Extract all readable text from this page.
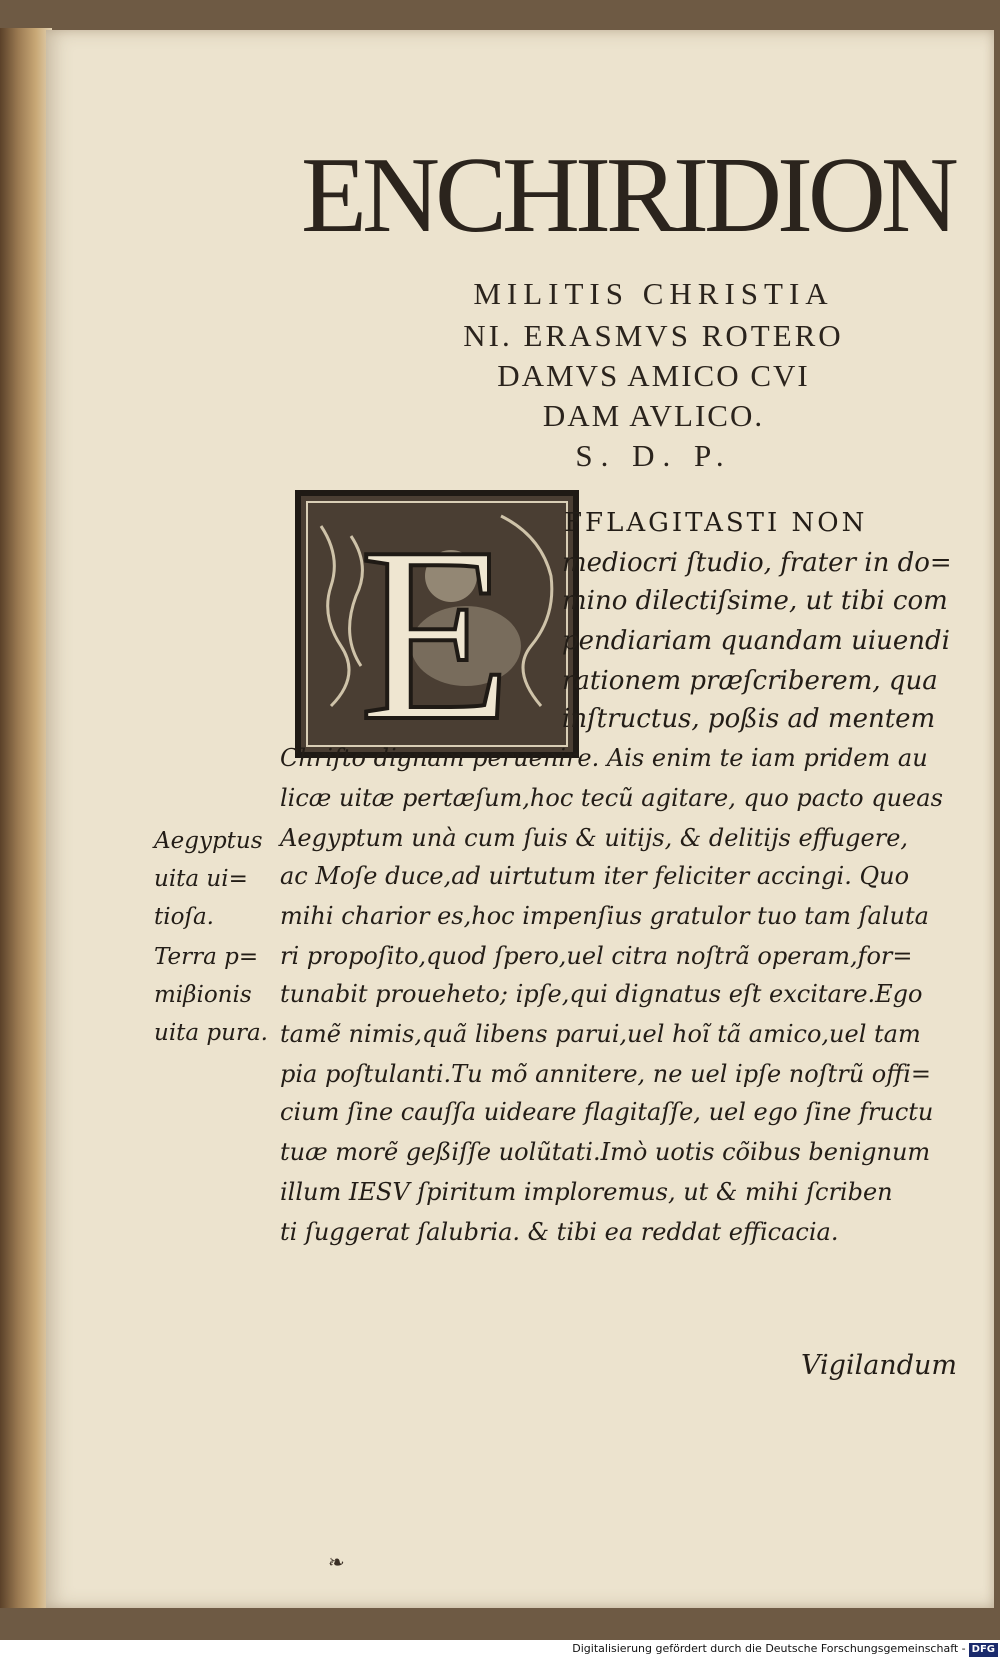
ENCHIRIDION
MILITIS CHRISTIA
NI. ERASMVS ROTERO
DAMVS AMICO CVI
DAM AVLICO.
S. D. P.
E FFLAGITASTI NON
mediocri ſtudio, frater in do=
mino dilectiſsime, ut tibi com
pendiariam quandam uiuendi
rationem præſcriberem, qua
inſtructus, poßis ad mentem
Chriſto dignam peruenire. Ais enim te iam pridem au
licæ uitæ pertæſum,hoc tecũ agitare, quo pacto queas
Aegyptum unà cum ſuis & uitijs, & delitijs effugere,
ac Moſe duce,ad uirtutum iter feliciter accingi. Quo
mihi charior es,hoc impenſius gratulor tuo tam ſaluta
ri propoſito,quod ſpero,uel citra noſtrã operam,for=
tunabit proueheto; ipſe,qui dignatus eſt excitare.Ego
tamẽ nimis,quã libens parui,uel hoĩ tã amico,uel tam
pia poſtulanti.Tu mõ annitere, ne uel ipſe noſtrũ offi=
cium ſine cauſſa uideare flagitaſſe, uel ego ſine fructu
tuæ morẽ geßiſſe uolũtati.Imò uotis cõibus benignum
illum IESV ſpiritum imploremus, ut & mihi ſcriben
ti ſuggerat ſalubria. & tibi ea reddat efficacia.
Aegyptus
uita ui=
tioſa.
Terra p=
miβionis
uita pura.
Vigilandum
❧
Digitalisierung gefördert durch die Deutsche Forschungsgemeinschaft - DFG
